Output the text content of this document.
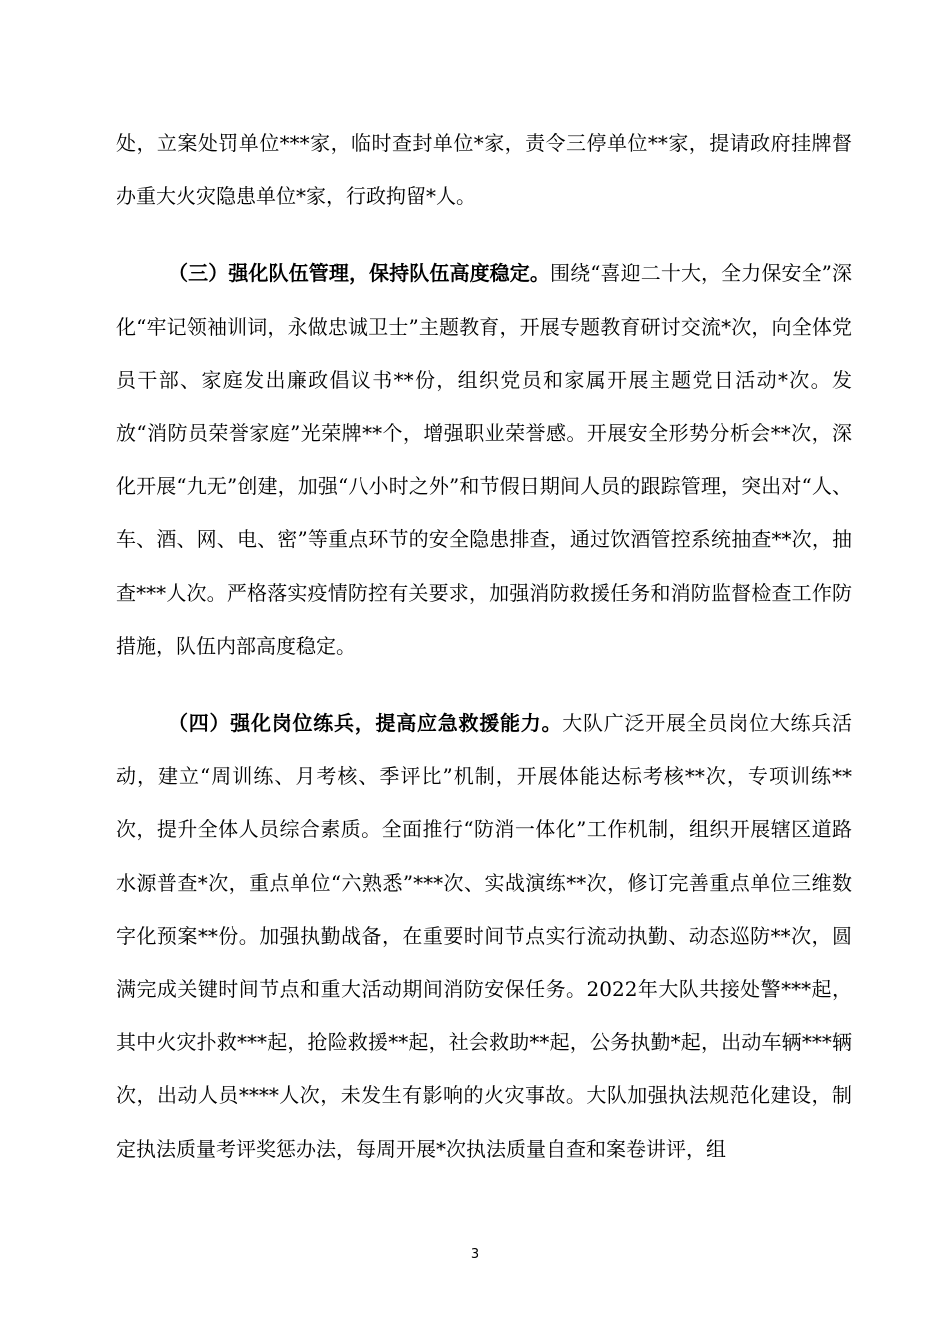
处，立案处罚单位***家，临时查封单位*家，责令三停单位**家，提请政府挂牌督办重大火灾隐患单位*家，行政拘留*人。

（三）强化队伍管理，保持队伍高度稳定。围绕“喜迎二十大，全力保安全”深化“牢记领袖训词，永做忠诚卫士”主题教育，开展专题教育研讨交流*次，向全体党员干部、家庭发出廉政倡议书**份，组织党员和家属开展主题党日活动*次。发放“消防员荣誉家庭”光荣牌**个，增强职业荣誉感。开展安全形势分析会**次，深化开展“九无”创建，加强“八小时之外”和节假日期间人员的跟踪管理，突出对“人、车、酒、网、电、密”等重点环节的安全隐患排查，通过饮酒管控系统抽查**次，抽查***人次。严格落实疫情防控有关要求，加强消防救援任务和消防监督检查工作防措施，队伍内部高度稳定。

（四）强化岗位练兵，提高应急救援能力。大队广泛开展全员岗位大练兵活动，建立“周训练、月考核、季评比”机制，开展体能达标考核**次，专项训练**次，提升全体人员综合素质。全面推行“防消一体化”工作机制，组织开展辖区道路水源普查*次，重点单位“六熟悉”***次、实战演练**次，修订完善重点单位三维数字化预案**份。加强执勤战备，在重要时间节点实行流动执勤、动态巡防**次，圆满完成关键时间节点和重大活动期间消防安保任务。2022年大队共接处警***起，其中火灾扑救***起，抢险救援**起，社会救助**起，公务执勤*起，出动车辆***辆次，出动人员****人次，未发生有影响的火灾事故。大队加强执法规范化建设，制定执法质量考评奖惩办法，每周开展*次执法质量自查和案卷讲评，组

3
